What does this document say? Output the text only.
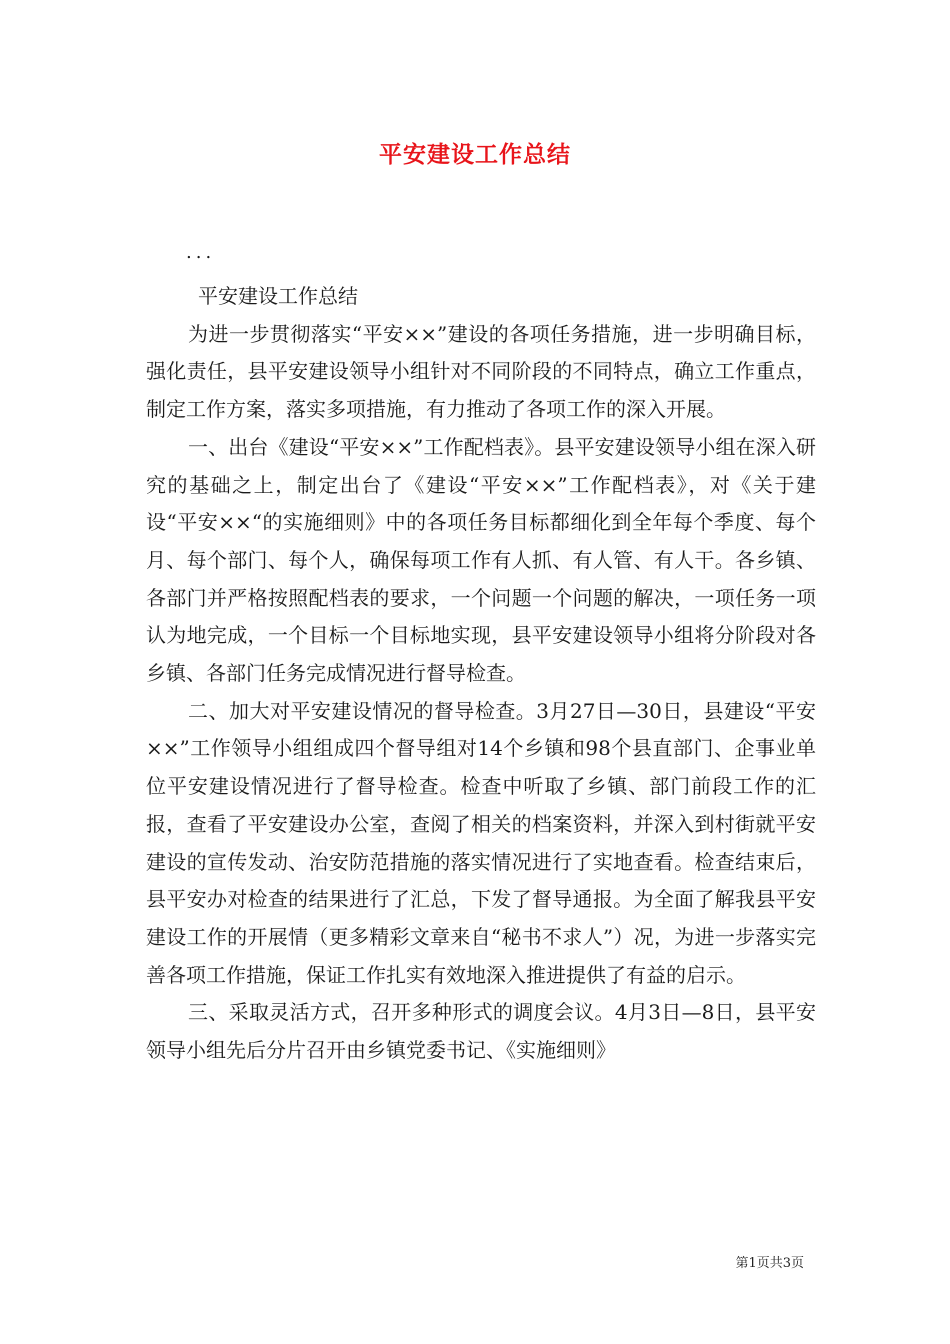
平安建设工作总结
...

平安建设工作总结

为进一步贯彻落实“平安××”建设的各项任务措施，进一步明确目标，强化责任，县平安建设领导小组针对不同阶段的不同特点，确立工作重点，制定工作方案，落实多项措施，有力推动了各项工作的深入开展。

一、出台《建设“平安××”工作配档表》。县平安建设领导小组在深入研究的基础之上，制定出台了《建设“平安××”工作配档表》，对《关于建设“平安××“的实施细则》中的各项任务目标都细化到全年每个季度、每个月、每个部门、每个人，确保每项工作有人抓、有人管、有人干。各乡镇、各部门并严格按照配档表的要求，一个问题一个问题的解决，一项任务一项认为地完成，一个目标一个目标地实现，县平安建设领导小组将分阶段对各乡镇、各部门任务完成情况进行督导检查。

二、加大对平安建设情况的督导检查。3月27日—30日，县建设“平安××”工作领导小组组成四个督导组对14个乡镇和98个县直部门、企事业单位平安建设情况进行了督导检查。检查中听取了乡镇、部门前段工作的汇报，查看了平安建设办公室，查阅了相关的档案资料，并深入到村街就平安建设的宣传发动、治安防范措施的落实情况进行了实地查看。检查结束后，县平安办对检查的结果进行了汇总，下发了督导通报。为全面了解我县平安建设工作的开展情（更多精彩文章来自“秘书不求人”）况，为进一步落实完善各项工作措施，保证工作扎实有效地深入推进提供了有益的启示。

三、采取灵活方式，召开多种形式的调度会议。4月3日—8日，县平安领导小组先后分片召开由乡镇党委书记、《实施细则》

第1页共3页
